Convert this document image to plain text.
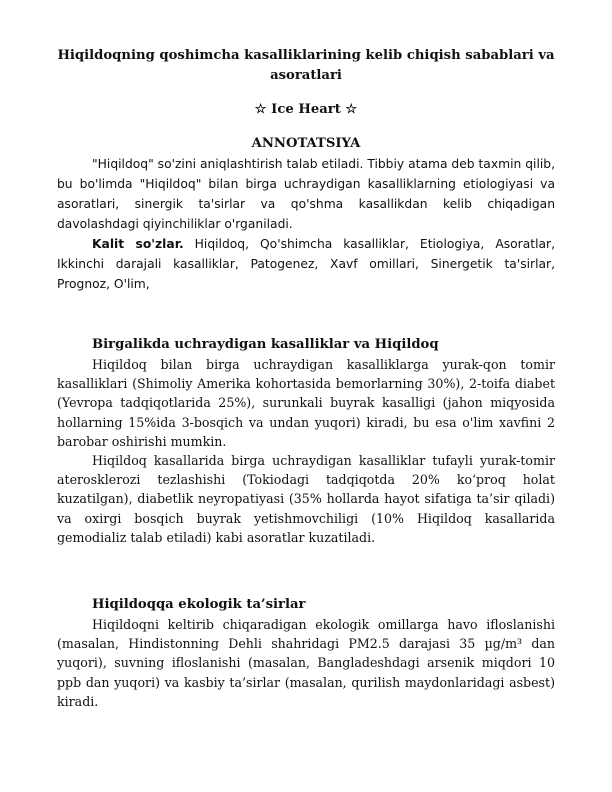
Hiqildoqning qoshimcha kasalliklarining kelib chiqish sabablari va asoratlari
☆ Ice Heart ☆
ANNOTATSIYA

"Hiqildoq" so'zini aniqlashtirish talab etiladi. Tibbiy atama deb taxmin qilib, bu bo'limda "Hiqildoq" bilan birga uchraydigan kasalliklarning etiologiyasi va asoratlari, sinergik ta'sirlar va qo'shma kasallikdan kelib chiqadigan davolashdagi qiyinchiliklar o'rganiladi.

Kalit so'zlar. Hiqildoq, Qo'shimcha kasalliklar, Etiologiya, Asoratlar, Ikkinchi darajali kasalliklar, Patogenez, Xavf omillari, Sinergetik ta'sirlar, Prognoz, O'lim,

Birgalikda uchraydigan kasalliklar va Hiqildoq

Hiqildoq bilan birga uchraydigan kasalliklarga yurak-qon tomir kasalliklari (Shimoliy Amerika kohortasida bemorlarning 30%), 2-toifa diabet (Yevropa tadqiqotlarida 25%), surunkali buyrak kasalligi (jahon miqyosida hollarning 15%ida 3-bosqich va undan yuqori) kiradi, bu esa o'lim xavfini 2 barobar oshirishi mumkin.

Hiqildoq kasallarida birga uchraydigan kasalliklar tufayli yurak-tomir aterosklerozi tezlashishi (Tokiodagi tadqiqotda 20% ko‘proq holat kuzatilgan), diabetlik neyropatiyasi (35% hollarda hayot sifatiga ta’sir qiladi) va oxirgi bosqich buyrak yetishmovchiligi (10% Hiqildoq kasallarida gemodializ talab etiladi) kabi asoratlar kuzatiladi.

Hiqildoqqa ekologik ta’sirlar

Hiqildoqni keltirib chiqaradigan ekologik omillarga havo ifloslanishi (masalan, Hindistonning Dehli shahridagi PM2.5 darajasi 35 µg/m³ dan yuqori), suvning ifloslanishi (masalan, Bangladeshdagi arsenik miqdori 10 ppb dan yuqori) va kasbiy ta’sirlar (masalan, qurilish maydonlaridagi asbest) kiradi.
